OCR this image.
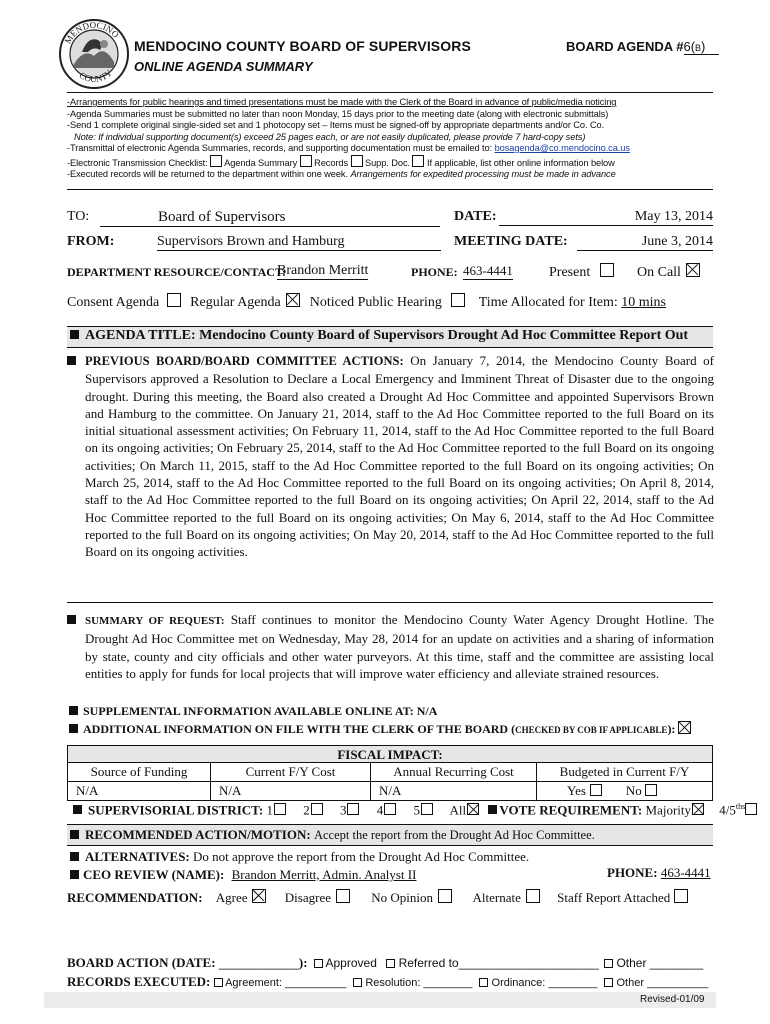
MENDOCINO
COUNTY
MENDOCINO COUNTY BOARD OF SUPERVISORS
ONLINE AGENDA SUMMARY
BOARD AGENDA #6(b)
-Arrangements for public hearings and timed presentations must be made with the Clerk of the Board in advance of public/media noticing
-Agenda Summaries must be submitted no later than noon Monday, 15 days prior to the meeting date (along with electronic submittals)
-Send 1 complete original single-sided set and 1 photocopy set – Items must be signed-off by appropriate departments and/or Co. Co.
Note: If individual supporting document(s) exceed 25 pages each, or are not easily duplicated, please provide 7 hard-copy sets)
-Transmittal of electronic Agenda Summaries, records, and supporting documentation must be emailed to: bosagenda@co.mendocino.ca.us
-Electronic Transmission Checklist: Agenda Summary Records Supp. Doc. If applicable, list other online information below
-Executed records will be returned to the department within one week. Arrangements for expedited processing must be made in advance
TO:	Board of Supervisors	DATE:	May 13, 2014
FROM:	Supervisors Brown and Hamburg	MEETING DATE:	June 3, 2014
DEPARTMENT RESOURCE/CONTACT:
Brandon Merritt	PHONE: 463-4441	Present	On Call
Consent Agenda Regular Agenda Noticed Public Hearing	Time Allocated for Item: 10 mins
AGENDA TITLE: Mendocino County Board of Supervisors Drought Ad Hoc Committee Report Out
PREVIOUS BOARD/BOARD COMMITTEE ACTIONS: On January 7, 2014, the Mendocino County Board of Supervisors approved a Resolution to Declare a Local Emergency and Imminent Threat of Disaster due to the ongoing drought. During this meeting, the Board also created a Drought Ad Hoc Committee and appointed Supervisors Brown and Hamburg to the committee. On January 21, 2014, staff to the Ad Hoc Committee reported to the full Board on its initial situational assessment activities; On February 11, 2014, staff to the Ad Hoc Committee reported to the full Board on its ongoing activities; On February 25, 2014, staff to the Ad Hoc Committee reported to the full Board on its ongoing activities; On March 11, 2015, staff to the Ad Hoc Committee reported to the full Board on its ongoing activities; On March 25, 2014, staff to the Ad Hoc Committee reported to the full Board on its ongoing activities; On April 8, 2014, staff to the Ad Hoc Committee reported to the full Board on its ongoing activities; On April 22, 2014, staff to the Ad Hoc Committee reported to the full Board on its ongoing activities; On May 6, 2014, staff to the Ad Hoc Committee reported to the full Board on its ongoing activities; On May 20, 2014, staff to the Ad Hoc Committee reported to the full Board on its ongoing activities.
SUMMARY OF REQUEST: Staff continues to monitor the Mendocino County Water Agency Drought Hotline. The Drought Ad Hoc Committee met on Wednesday, May 28, 2014 for an update on activities and a sharing of information by state, county and city officials and other water purveyors. At this time, staff and the committee are assisting local entities to apply for funds for local projects that will improve water efficiency and alleviate strained resources.
SUPPLEMENTAL INFORMATION AVAILABLE ONLINE AT: N/A
ADDITIONAL INFORMATION ON FILE WITH THE CLERK OF THE BOARD (CHECKED BY COB IF APPLICABLE):
FISCAL IMPACT:
Source of Funding	Current F/Y Cost	Annual Recurring Cost	Budgeted in Current F/Y
N/A	N/A	N/A	Yes No
SUPERVISORIAL DISTRICT: 1 2 3 4 5 All	VOTE REQUIREMENT: Majority $4/5^{ths}$
RECOMMENDED ACTION/MOTION: Accept the report from the Drought Ad Hoc Committee.
ALTERNATIVES: Do not approve the report from the Drought Ad Hoc Committee.
CEO REVIEW (NAME): Brandon Merritt, Admin. Analyst II	PHONE: 463-4441
RECOMMENDATION: Agree	Disagree	No Opinion	Alternate	Staff Report Attached
BOARD ACTION (DATE: ____________): Approved Referred to_____________________ Other ________
RECORDS EXECUTED: Agreement: __________ Resolution: ________ Ordinance: ________ Other __________
Revised-01/09
